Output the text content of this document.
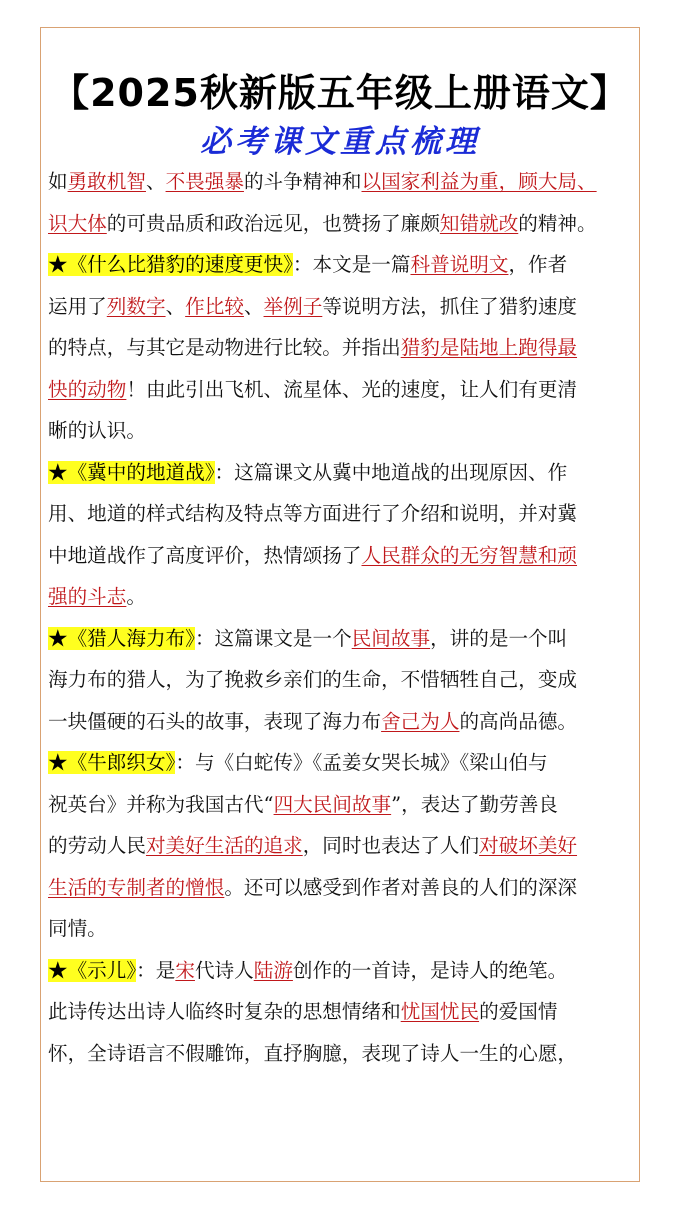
【2025秋新版五年级上册语文】
必考课文重点梳理
如勇敢机智、不畏强暴的斗争精神和以国家利益为重，顾大局、
识大体的可贵品质和政治远见，也赞扬了廉颇知错就改的精神。
★《什么比猎豹的速度更快》：本文是一篇科普说明文，作者
运用了列数字、作比较、举例子等说明方法，抓住了猎豹速度
的特点，与其它是动物进行比较。并指出猎豹是陆地上跑得最
快的动物！由此引出飞机、流星体、光的速度，让人们有更清
晰的认识。
★《冀中的地道战》：这篇课文从冀中地道战的出现原因、作
用、地道的样式结构及特点等方面进行了介绍和说明，并对冀
中地道战作了高度评价，热情颂扬了人民群众的无穷智慧和顽
强的斗志。
★《猎人海力布》：这篇课文是一个民间故事，讲的是一个叫
海力布的猎人，为了挽救乡亲们的生命，不惜牺牲自己，变成
一块僵硬的石头的故事，表现了海力布舍己为人的高尚品德。
★《牛郎织女》：与《白蛇传》《孟姜女哭长城》《梁山伯与
祝英台》并称为我国古代“四大民间故事”，表达了勤劳善良
的劳动人民对美好生活的追求，同时也表达了人们对破坏美好
生活的专制者的憎恨。还可以感受到作者对善良的人们的深深
同情。
★《示儿》：是宋代诗人陆游创作的一首诗，是诗人的绝笔。
此诗传达出诗人临终时复杂的思想情绪和忧国忧民的爱国情
怀，全诗语言不假雕饰，直抒胸臆，表现了诗人一生的心愿，
